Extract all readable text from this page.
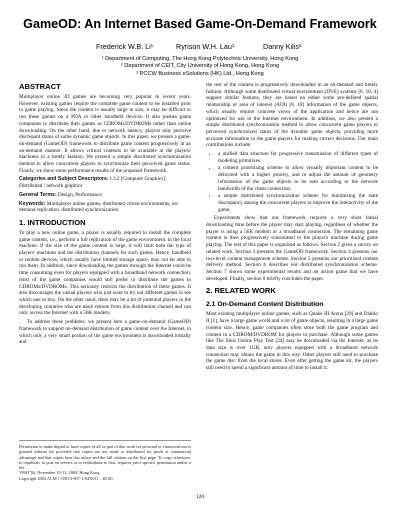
GameOD: An Internet Based Game-On-Demand Framework
Frederick W.B. Li¹	Rynson W.H. Lau¹	Danny Kilis²
¹ Department of Computing, The Hong Kong Polytechnic University, Hong Kong
² Department of CEIT, City University of Hong Kong, Hong Kong
³ PCCW Business eSolutions (HK) Ltd., Hong Kong
ABSTRACT

Multiplayer online 3D games are becoming very popular in recent years. However, existing games require the complete game content to be installed prior to game playing. Since the content is usually large in size, it may be difficult to run these games on a PDA or other handheld devices. It also pushes game companies to distribute their games as CDROMs/DVDROMs rather than online downloading. On the other hand, due to network latency, players may perceive discrepant status of some dynamic game objects. In this paper, we present a game-on-demand (GameOD) framework to distribute game content progressively in an on-demand manner. It allows critical contents to be available at the players' machines in a timely fashion. We present a simple distributed synchronization method to allow concurrent players to synchronize their perceived game status. Finally, we show some performance results of the proposed framework.

Categories and Subject Descriptors: I.3.2 [Computer Graphics]: Distributed / network graphics
General Terms: Design, Performance
Keywords: Multiplayer online games, distributed virtual environments, on-demand replication, distributed synchronization
1. INTRODUCTION

To play a new online game, a player is usually required to install the complete game content, i.e., perform a full replication of the game environment, in the local machine. If the size of the game content is large, it will limit both the type of players' machines and the distribution channels for such games. Hence, handheld or mobile devices, which usually have limited storage space, may not be able to run them. In addition, since downloading the games through the Internet could be time consuming even for players equipped with a broadband network connection, most of the game companies would still prefer to distribute the games in CDROMs/DVDROMs. This seriously restricts the distribution of these games. It also discourages the casual players who just want to try out different games to see which one to buy. On the other hand, there may be a lot of potential players in the developing countries who are more remote from this distribution channel and can only access the Internet with a 56K modem.

To address these problems, we present here a game-on-demand (GameOD) framework to support on-demand distribution of game content over the Internet, in which only a very small portion of the game environment is downloaded initially and

Permission to make digital or hard copies of all or part of this work for personal or classroom use is granted without fee provided that copies are not made or distributed for profit or commercial advantage and that copies bear this notice and the full citation on the first page. To copy otherwise, to republish, to post on servers or to redistribute to lists, requires prior specific permission and/or a fee.
VRST'04, November 10-12, 2004, Hong Kong.
Copyright 2004 ACM 1-58113-907-1/04/0011 ...$5.00.

the rest of the content is progressively downloaded in an on-demand and timely fashion. Although some distributed virtual environment (DVE) systems [6, 10, 4] support similar features, they are based on either some pre-defined spatial relationship or area of interest (AOI) [8, 18] information of the game objects, which usually require concrete views of the application and hence are not optimized for use in the Internet environment. In addition, we also present a simple distributed synchronization method to allow concurrent game players to perceived synchronized status of the dynamic game objects, providing more accurate information to the game players for making correct decisions. Our main contributions include:

• a unified data structure for progressive transmission of different types of modeling primitives.
• a content prioritizing scheme to allow visually important content to be delivered with a higher priority, and to adjust the amount of geometry information of the game objects to be sent according to the network bandwidth of the client connection.
• a simple distributed synchronization scheme for minimizing the state discrepancy among the concurrent players to improve the interactivity of the game.

Experiments show that our framework requires a very short initial downloading time before the player may start playing, regardless of whether the player is using a 56K modem or a broadband connection. The remaining game content is then progressively transmitted to the player's machine during game playing. The rest of this paper is organized as follows. Section 2 gives a survey on related work. Section 3 presents the GameOD framework. Section 4 presents our two-level content management scheme. Section 5 presents our prioritized content delivery method. Section 6 describes our distributed synchronization scheme. Section 7 shows some experimental results and an action game that we have developed. Finally, section 8 briefly concludes the paper.

2. RELATED WORK
2.1 On-Demand Content Distribution

Most existing multiplayer online games, such as Quake III Arena [29] and Diablo II [1], have a large game world and a lot of game objects, resulting in a large game content size. Hence, game companies often store both the game program and content in a CDROM/DVDROM for players to purchase. Although some games like The Sims Online Play Test [24] may be downloaded via the Internet, as its data size is over 1GB, only players equipped with a broadband network connection may obtain the game in this way. Other players still need to purchase the game disc from the local stores. Even after getting the game kit, the players still need to spend a significant amount of time to install it.

120
